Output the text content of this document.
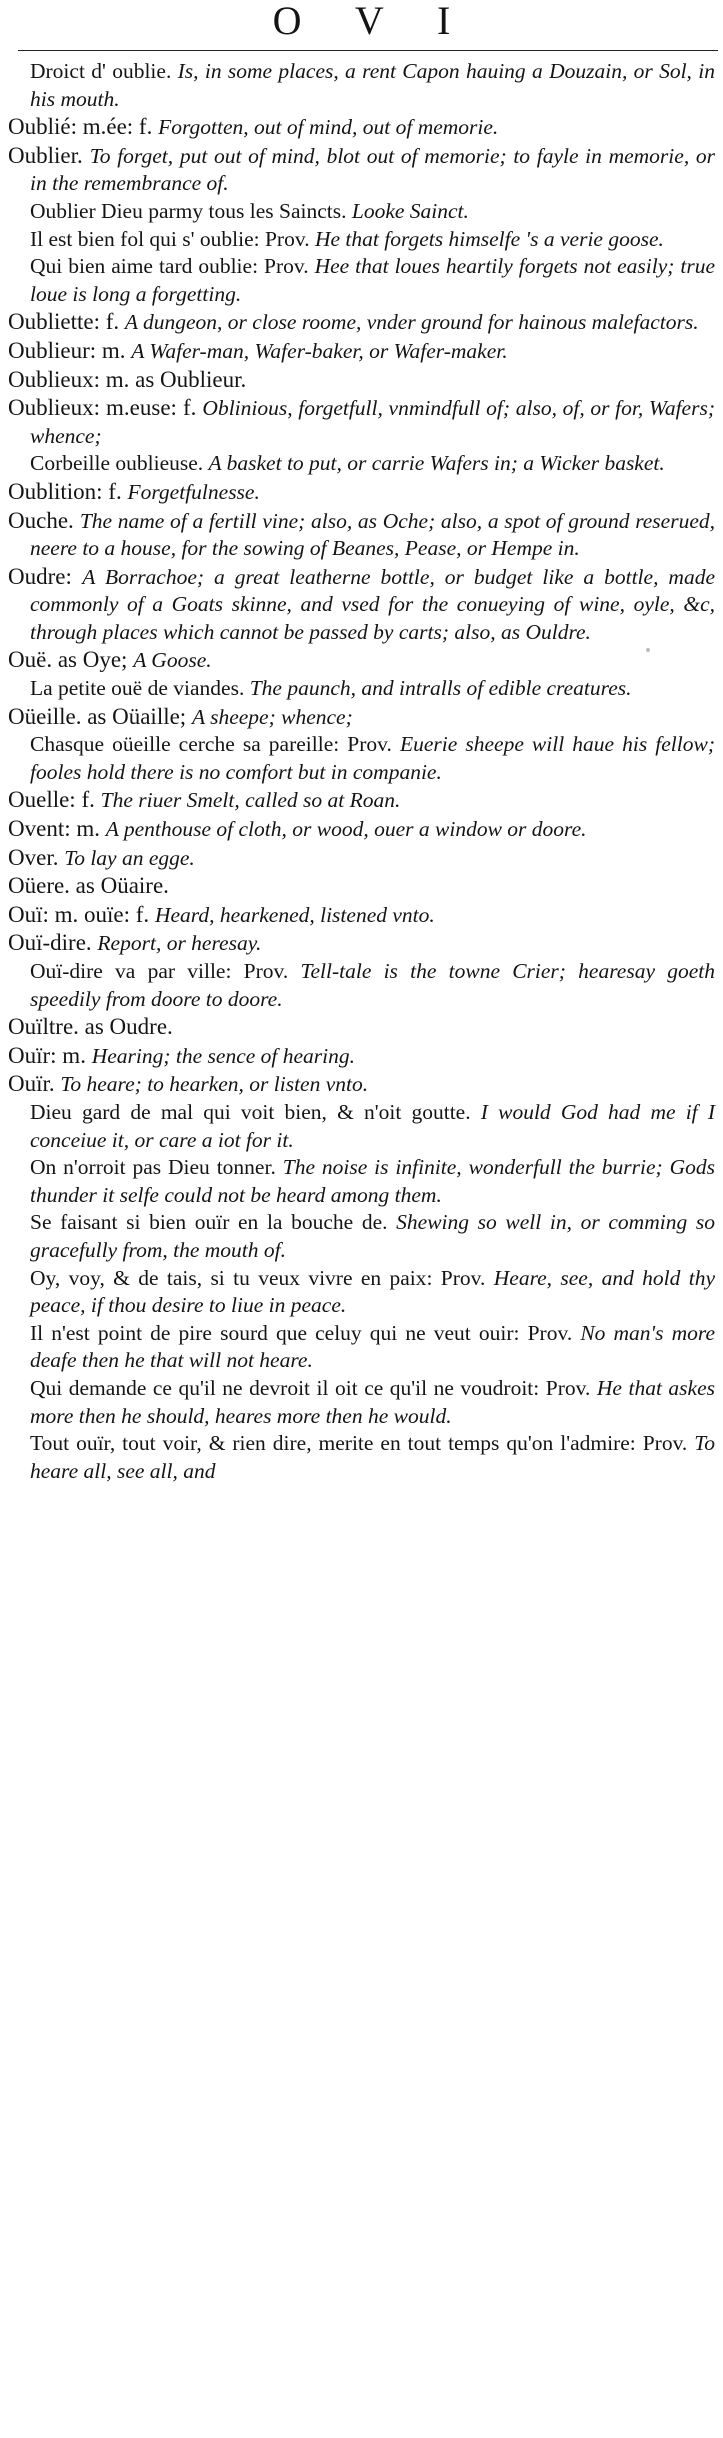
O V I
Droict d' oublie. Is, in some places, a rent Capon hauing a Douzain, or Sol, in his mouth.
Oublié: m.ée: f. Forgotten, out of mind, out of memorie.
Oublier. To forget, put out of mind, blot out of memorie; to fayle in memorie, or in the remembrance of.
Oublier Dieu parmy tous les Saincts. Looke Sainct.
Il est bien fol qui s' oublie: Prov. He that forgets himselfe 's a verie goose.
Qui bien aime tard oublie: Prov. Hee that loues heartily forgets not easily; true loue is long a forgetting.
Oubliette: f. A dungeon, or close roome, vnder ground for hainous malefactors.
Oublieur: m. A Wafer-man, Wafer-baker, or Wafer-maker.
Oublieux: m. as Oublieur.
Oublieux: m.euse: f. Oblinious, forgetfull, vnmindfull of; also, of, or for, Wafers; whence;
Corbeille oublieuse. A basket to put, or carrie Wafers in; a Wicker basket.
Oublition: f. Forgetfulnesse.
Ouche. The name of a fertill vine; also, as Oche; also, a spot of ground reserued, neere to a house, for the sowing of Beanes, Pease, or Hempe in.
Oudre: A Borrachoe; a great leatherne bottle, or budget like a bottle, made commonly of a Goats skinne, and vsed for the conueying of wine, oyle, &c, through places which cannot be passed by carts; also, as Ouldre.
Ouë. as Oye; A Goose.
La petite ouë de viandes. The paunch, and intralls of edible creatures.
Oüeille. as Oüaille; A sheepe; whence;
Chasque oüeille cerche sa pareille: Prov. Euerie sheepe will haue his fellow; fooles hold there is no comfort but in companie.
Ouelle: f. The riuer Smelt, called so at Roan.
Ovent: m. A penthouse of cloth, or wood, ouer a window or doore.
Over. To lay an egge.
Oüere. as Oüaire.
Ouï: m. ouïe: f. Heard, hearkened, listened vnto.
Ouï-dire. Report, or heresay.
Ouï-dire va par ville: Prov. Tell-tale is the towne Crier; hearesay goeth speedily from doore to doore.
Ouïltre. as Oudre.
Ouïr: m. Hearing; the sence of hearing.
Ouïr. To heare; to hearken, or listen vnto.
Dieu gard de mal qui voit bien, & n'oit goutte. I would God had me if I conceiue it, or care a iot for it.
On n'orroit pas Dieu tonner. The noise is infinite, wonderfull the burrie; Gods thunder it selfe could not be heard among them.
Se faisant si bien ouïr en la bouche de. Shewing so well in, or comming so gracefully from, the mouth of.
Oy, voy, & de tais, si tu veux vivre en paix: Prov. Heare, see, and hold thy peace, if thou desire to liue in peace.
Il n'est point de pire sourd que celuy qui ne veut ouir: Prov. No man's more deafe then he that will not heare.
Qui demande ce qu'il ne devroit il oit ce qu'il ne voudroit: Prov. He that askes more then he should, heares more then he would.
Tout ouïr, tout voir, & rien dire, merite en tout temps qu'on l'admire: Prov. To heare all, see all, and
